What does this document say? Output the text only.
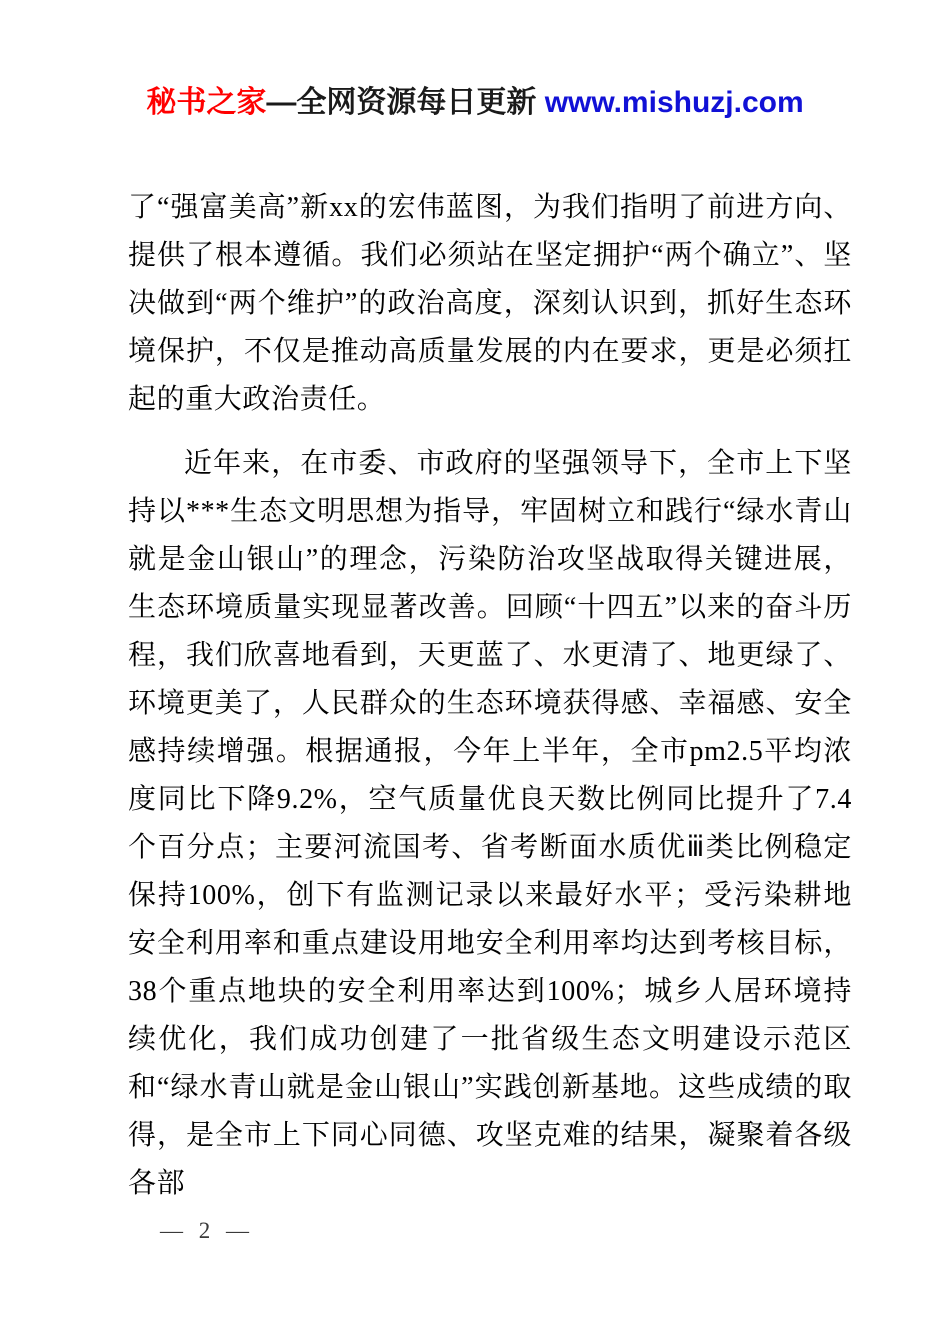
秘书之家—全网资源每日更新 www.mishuzj.com

了“强富美高”新xx的宏伟蓝图，为我们指明了前进方向、提供了根本遵循。我们必须站在坚定拥护“两个确立”、坚决做到“两个维护”的政治高度，深刻认识到，抓好生态环境保护，不仅是推动高质量发展的内在要求，更是必须扛起的重大政治责任。

近年来，在市委、市政府的坚强领导下，全市上下坚持以***生态文明思想为指导，牢固树立和践行“绿水青山就是金山银山”的理念，污染防治攻坚战取得关键进展，生态环境质量实现显著改善。回顾“十四五”以来的奋斗历程，我们欣喜地看到，天更蓝了、水更清了、地更绿了、环境更美了，人民群众的生态环境获得感、幸福感、安全感持续增强。根据通报，今年上半年，全市pm2.5平均浓度同比下降9.2%，空气质量优良天数比例同比提升了7.4个百分点；主要河流国考、省考断面水质优ⅲ类比例稳定保持100%，创下有监测记录以来最好水平；受污染耕地安全利用率和重点建设用地安全利用率均达到考核目标，38个重点地块的安全利用率达到100%；城乡人居环境持续优化，我们成功创建了一批省级生态文明建设示范区和“绿水青山就是金山银山”实践创新基地。这些成绩的取得，是全市上下同心同德、攻坚克难的结果，凝聚着各级各部

— 2 —
